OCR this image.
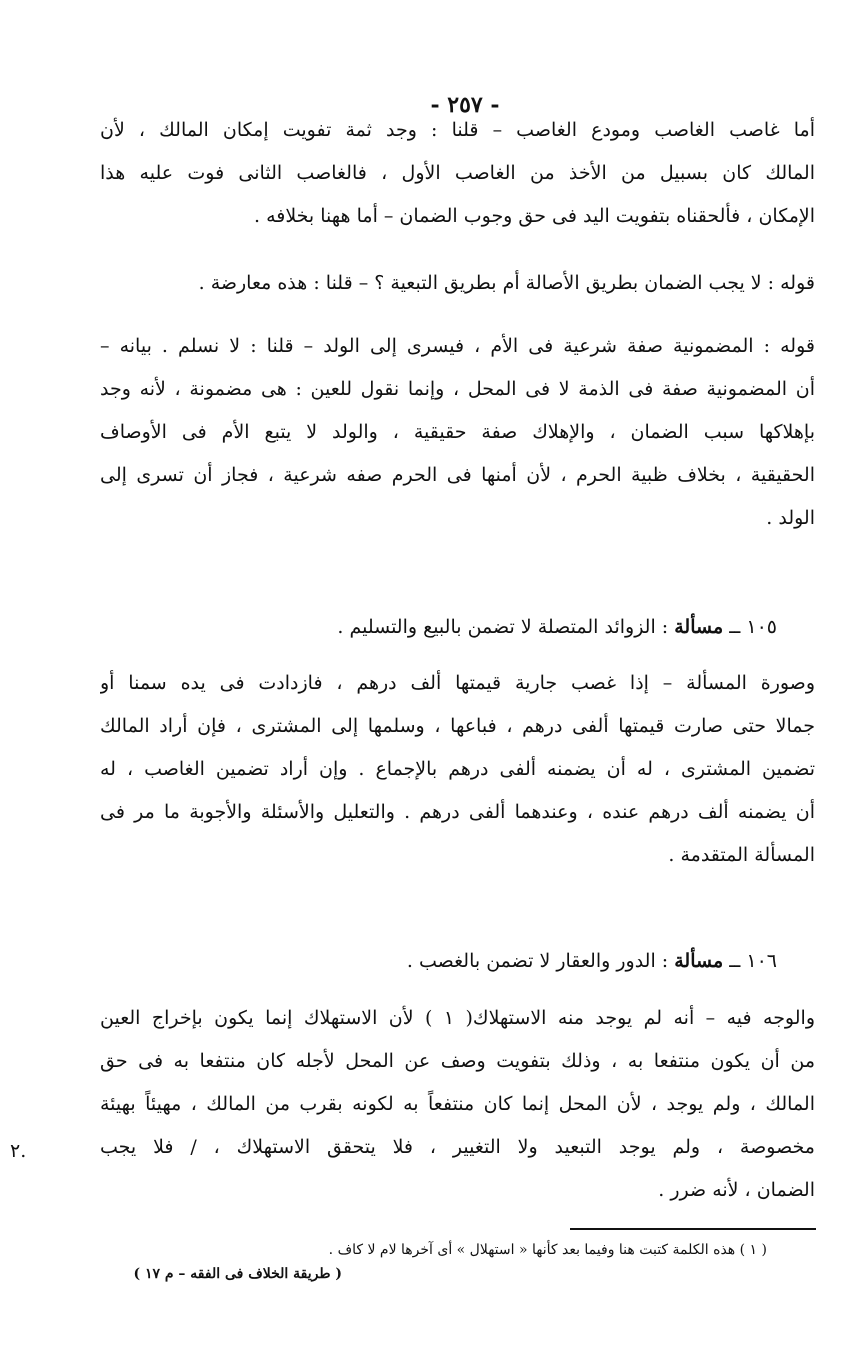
- ٢٥٧ -
أما غاصب الغاصب ومودع الغاصب – قلنا : وجد ثمة تفويت إمكان المالك ، لأن
المالك كان بسبيل من الأخذ من الغاصب الأول ، فالغاصب الثانى فوت عليه هذا
الإمكان ، فألحقناه بتفويت اليد فى حق وجوب الضمان – أما ههنا بخلافه .
قوله : لا يجب الضمان بطريق الأصالة أم بطريق التبعية ؟ – قلنا : هذه معارضة .
قوله : المضمونية صفة شرعية فى الأم ، فيسرى إلى الولد – قلنا : لا نسلم . بيانه –
أن المضمونية صفة فى الذمة لا فى المحل ، وإنما نقول للعين : هى مضمونة ، لأنه وجد
بإهلاكها سبب الضمان ، والإهلاك صفة حقيقية ، والولد لا يتبع الأم فى الأوصاف
الحقيقية ، بخلاف ظبية الحرم ، لأن أمنها فى الحرم صفه شرعية ، فجاز أن تسرى إلى
الولد .
١٠٥ ــ مسألة : الزوائد المتصلة لا تضمن بالبيع والتسليم .
وصورة المسألة – إذا غصب جارية قيمتها ألف درهم ، فازدادت فى يده سمنا أو
جمالا حتى صارت قيمتها ألفى درهم ، فباعها ، وسلمها إلى المشترى ، فإن أراد المالك
تضمين المشترى ، له أن يضمنه ألفى درهم بالإجماع . وإن أراد تضمين الغاصب ، له
أن يضمنه ألف درهم عنده ، وعندهما ألفى درهم . والتعليل والأسئلة والأجوبة ما مر فى
المسألة المتقدمة .
١٠٦ ــ مسألة : الدور والعقار لا تضمن بالغصب .
والوجه فيه – أنه لم يوجد منه الاستهلاك( ١ ) لأن الاستهلاك إنما يكون بإخراج العين
من أن يكون منتفعا به ، وذلك بتفويت وصف عن المحل لأجله كان منتفعا به فى حق
المالك ، ولم يوجد ، لأن المحل إنما كان منتفعاً به لكونه بقرب من المالك ، مهيئاً بهيئة
مخصوصة ، ولم يوجد التبعيد ولا التغيير ، فلا يتحقق الاستهلاك ، / فلا يجب
الضمان ، لأنه ضرر .
٢.
( ١ ) هذه الكلمة كتبت هنا وفيما بعد كأنها « استهلال » أى آخرها لام لا كاف .
( طريقة الخلاف فى الفقه – م ١٧ )
